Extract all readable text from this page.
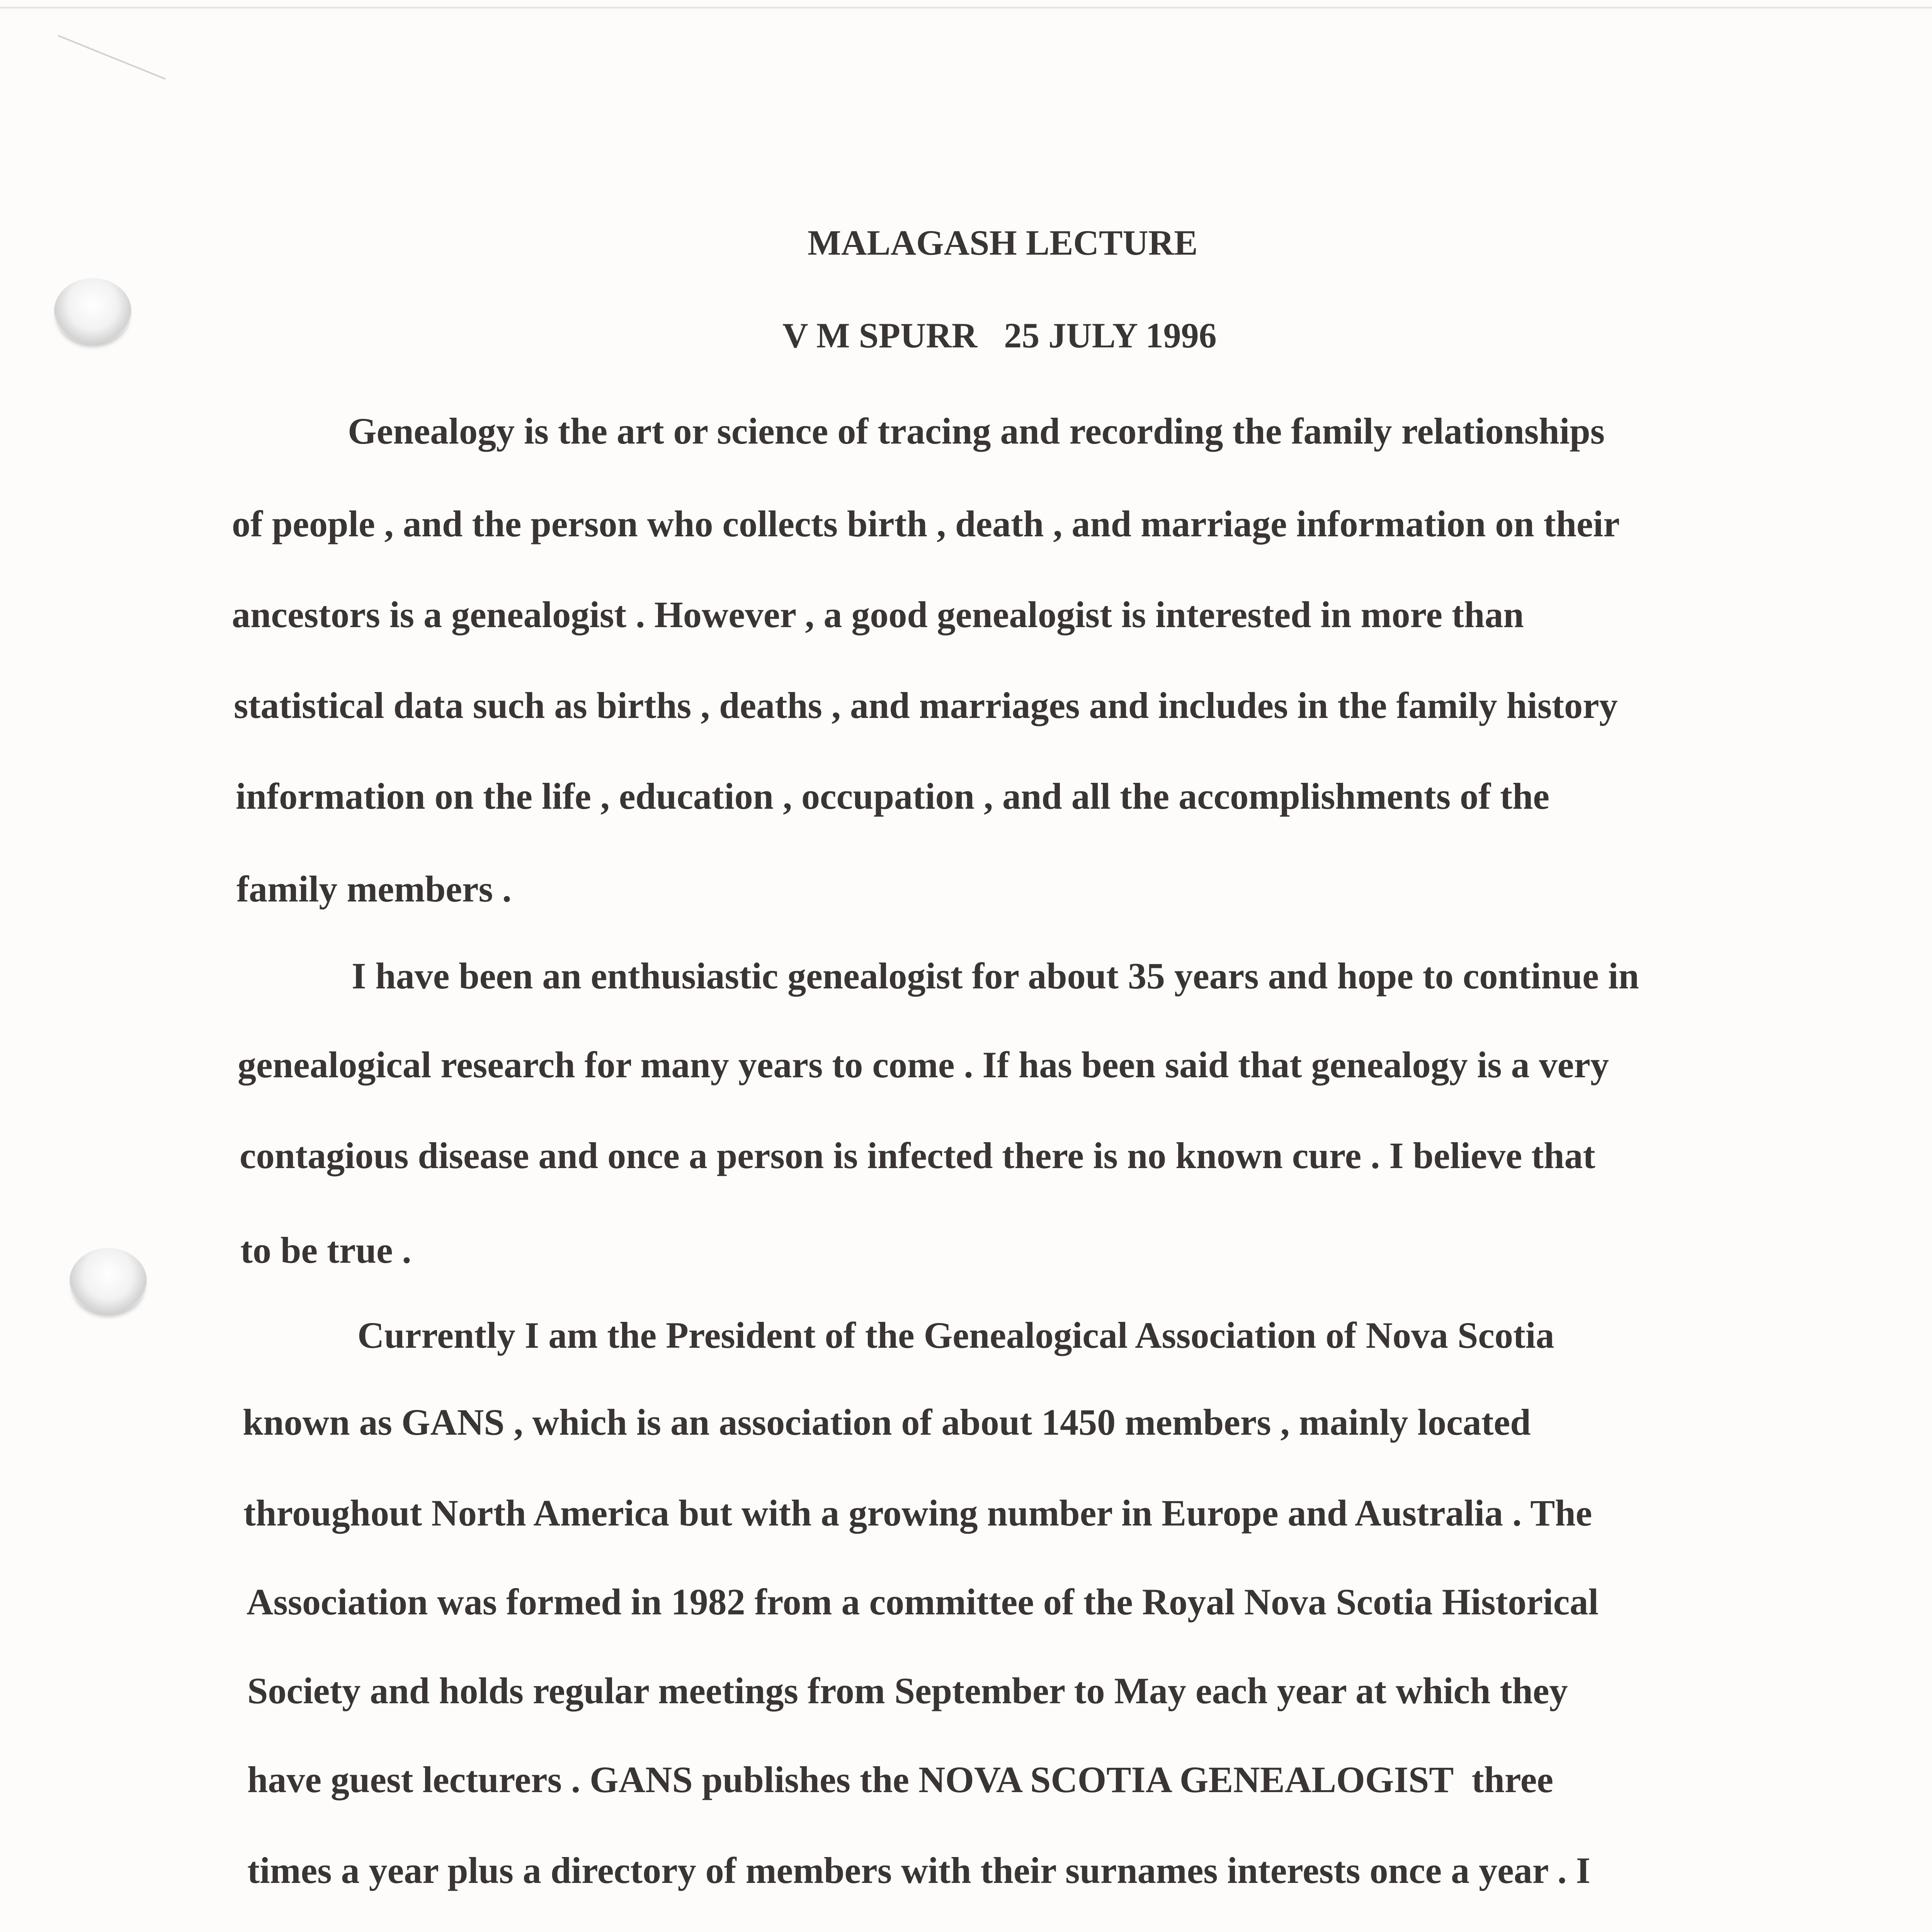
MALAGASH LECTURE
V M SPURR   25 JULY 1996
Genealogy is the art or science of tracing and recording the family relationships
of people , and the person who collects birth , death , and marriage information on their
ancestors is a genealogist . However , a good genealogist is interested in more than
statistical data such as births , deaths , and marriages and includes in the family history
information on the life , education , occupation , and all the accomplishments of the
family members .
I have been an enthusiastic genealogist for about 35 years and hope to continue in
genealogical research for many years to come . If has been said that genealogy is a very
contagious disease and once a person is infected there is no known cure . I believe that
to be true .
Currently I am the President of the Genealogical Association of Nova Scotia
known as GANS , which is an association of about 1450 members , mainly located
throughout North America but with a growing number in Europe and Australia . The
Association was formed in 1982 from a committee of the Royal Nova Scotia Historical
Society and holds regular meetings from September to May each year at which they
have guest lecturers . GANS publishes the NOVA SCOTIA GENEALOGIST  three
times a year plus a directory of members with their surnames interests once a year . I
